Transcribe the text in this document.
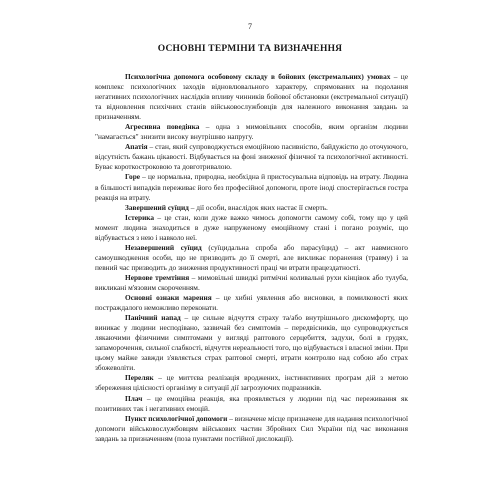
7
ОСНОВНІ ТЕРМІНИ ТА ВИЗНАЧЕННЯ

Психологічна допомога особовому складу в бойових (екстремальних) умовах – це комплекс психологічних заходів відновлювального характеру, спрямованих на подолання негативних психологічних наслідків впливу чинників бойової обстановки (екстремальної ситуації) та відновлення психічних станів військовослужбовців для належного виконання завдань за призначенням.

Агресивна поведінка – одна з мимовільних способів, яким організм людини "намагається" знизити високу внутрішню напругу.

Апатія – стан, який супроводжується емоційною пасивністю, байдужістю до оточуючого, відсутність бажань цікавості. Відбувається на фоні зниженої фізичної та психологічної активності. Буває короткостроковою та довготривалою.

Горе – це нормальна, природна, необхідна й пристосувальна відповідь на втрату. Людина в більшості випадків переживає його без професійної допомоги, проте іноді спостерігається гостра реакція на втрату.

Завершений суїцид – дії особи, внаслідок яких настає її смерть.

Істерика – це стан, коли дуже важко чимось допомогти самому собі, тому що у цей момент людина знаходиться в дуже напруженому емоційному стані і погано розуміє, що відбувається з нею і навколо неї.

Незавершений суїцид (суїцидальна спроба або парасуїцид) – акт навмисного самоушкодження особи, що не призводить до її смерті, але викликає поранення (травму) і за певний час призводить до зниження продуктивності праці чи втрати працездатності.

Нервове тремтіння – мимовільні швидкі ритмічні коливальні рухи кінцівок або тулуба, викликані м'язовим скороченням.

Основні ознаки марення – це хибні уявлення або висновки, в помилковості яких постраждалого неможливо переконати.

Панічний напад – це сильне відчуття страху та/або внутрішнього дискомфорту, що виникає у людини несподівано, зазвичай без симптомів – передвісників, що супроводжується лякаючими фізичними симптомами у вигляді раптового серцебиття, задухи, болі в грудях, запаморочення, сильної слабкості, відчуття нереальності того, що відбувається і власної зміни. При цьому майже завжди з'являється страх раптової смерті, втрати контролю над собою або страх збожеволіти.

Переляк – це миттєва реалізація вроджених, інстинктивних програм дій з метою збереження цілісності організму в ситуації дії загрозуючих подразників.

Плач – це емоційна реакція, яка проявляється у людини під час переживання як позитивних так і негативних емоцій.

Пункт психологічної допомоги – визначене місце призначене для надання психологічної допомоги військовослужбовцям військових частин Збройних Сил України під час виконання завдань за призначенням (поза пунктами постійної дислокації).
